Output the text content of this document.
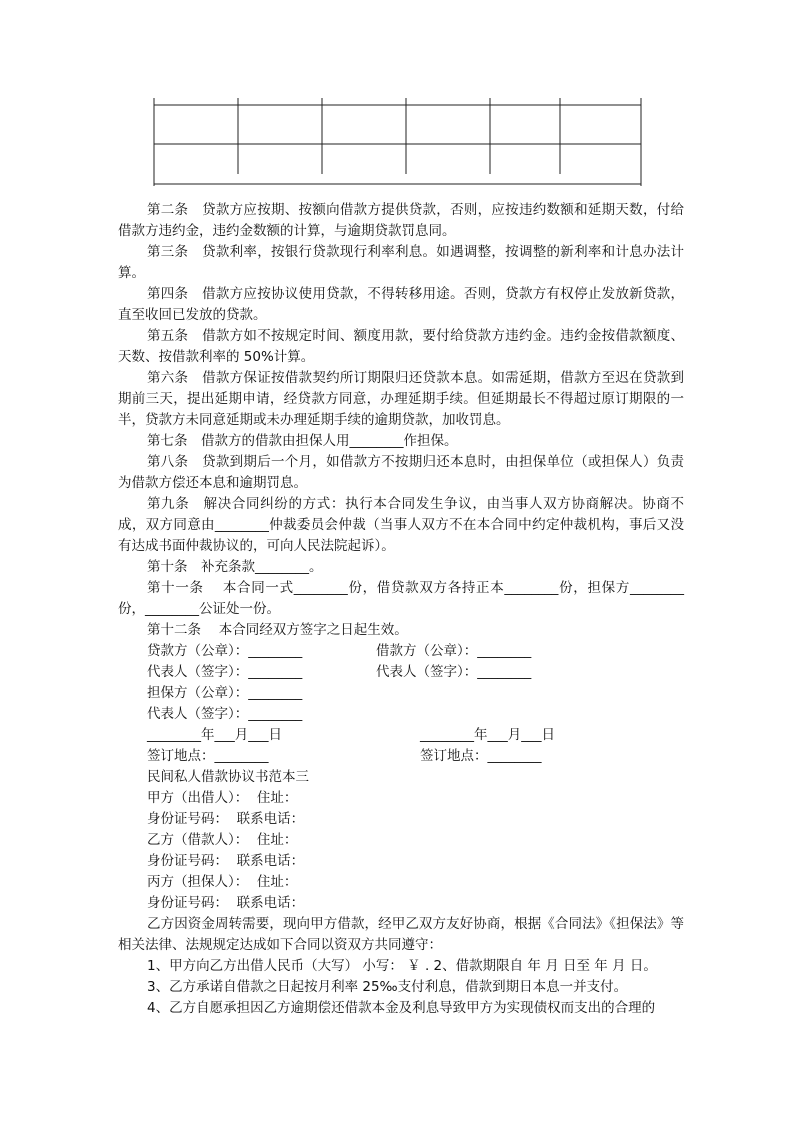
第二条　贷款方应按期、按额向借款方提供贷款，否则，应按违约数额和延期天数，付给借款方违约金，违约金数额的计算，与逾期贷款罚息同。

第三条　贷款利率，按银行贷款现行利率利息。如遇调整，按调整的新利率和计息办法计算。

第四条　借款方应按协议使用贷款，不得转移用途。否则，贷款方有权停止发放新贷款，直至收回已发放的贷款。

第五条　借款方如不按规定时间、额度用款，要付给贷款方违约金。违约金按借款额度、天数、按借款利率的 50%计算。

第六条　借款方保证按借款契约所订期限归还贷款本息。如需延期，借款方至迟在贷款到期前三天，提出延期申请，经贷款方同意，办理延期手续。但延期最长不得超过原订期限的一半，贷款方未同意延期或未办理延期手续的逾期贷款，加收罚息。

第七条　借款方的借款由担保人用________作担保。

第八条　贷款到期后一个月，如借款方不按期归还本息时，由担保单位（或担保人）负责为借款方偿还本息和逾期罚息。

第九条　解决合同纠纷的方式：执行本合同发生争议，由当事人双方协商解决。协商不成，双方同意由________仲裁委员会仲裁（当事人双方不在本合同中约定仲裁机构，事后又没有达成书面仲裁协议的，可向人民法院起诉）。

第十条　补充条款________。

第十一条　 本合同一式________份，借贷款双方各持正本________份，担保方________份，________公证处一份。

第十二条　 本合同经双方签字之日起生效。

贷款方（公章）：________	借款方（公章）：________
代表人（签字）：________	代表人（签字）：________
担保方（公章）：________
代表人（签字）：________
________年___月___日	________年___月___日
签订地点：________	签订地点：________

民间私人借款协议书范本三

甲方（出借人）：  住址：

身份证号码：  联系电话：

乙方（借款人）：  住址：

身份证号码：  联系电话：

丙方（担保人）：  住址：

身份证号码：  联系电话：

乙方因资金周转需要，现向甲方借款，经甲乙双方友好协商，根据《合同法》《担保法》等相关法律、法规规定达成如下合同以资双方共同遵守：

1、甲方向乙方出借人民币（大写） 小写： ￥ . 2、借款期限自 年 月 日至 年 月 日。

3、乙方承诺自借款之日起按月利率 25‰支付利息，借款到期日本息一并支付。

4、乙方自愿承担因乙方逾期偿还借款本金及利息导致甲方为实现债权而支出的合理的
